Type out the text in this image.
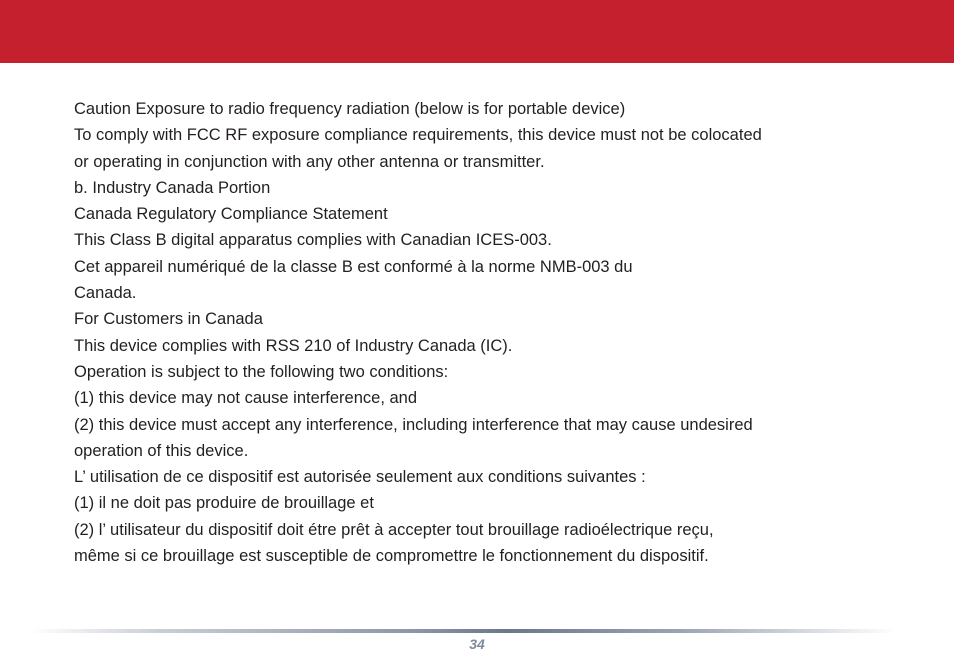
Caution Exposure to radio frequency radiation (below is for portable device)
To comply with FCC RF exposure compliance requirements, this device must not be colocated
or operating in conjunction with any other antenna or transmitter.
b. Industry Canada Portion
Canada Regulatory Compliance Statement
This Class B digital apparatus complies with Canadian ICES-003.
Cet appareil numériqué de la classe B est conformé à la norme NMB-003 du
Canada.
For Customers in Canada
This device complies with RSS 210 of Industry Canada (IC).
Operation is subject to the following two conditions:
(1) this device may not cause interference, and
(2) this device must accept any interference, including interference that may cause undesired
operation of this device.
L’ utilisation de ce dispositif est autorisée seulement aux conditions suivantes :
(1) il ne doit pas produire de brouillage et
(2) l’ utilisateur du dispositif doit étre prêt à accepter tout brouillage radioélectrique reçu,
même si ce brouillage est susceptible de compromettre le fonctionnement du dispositif.
34
